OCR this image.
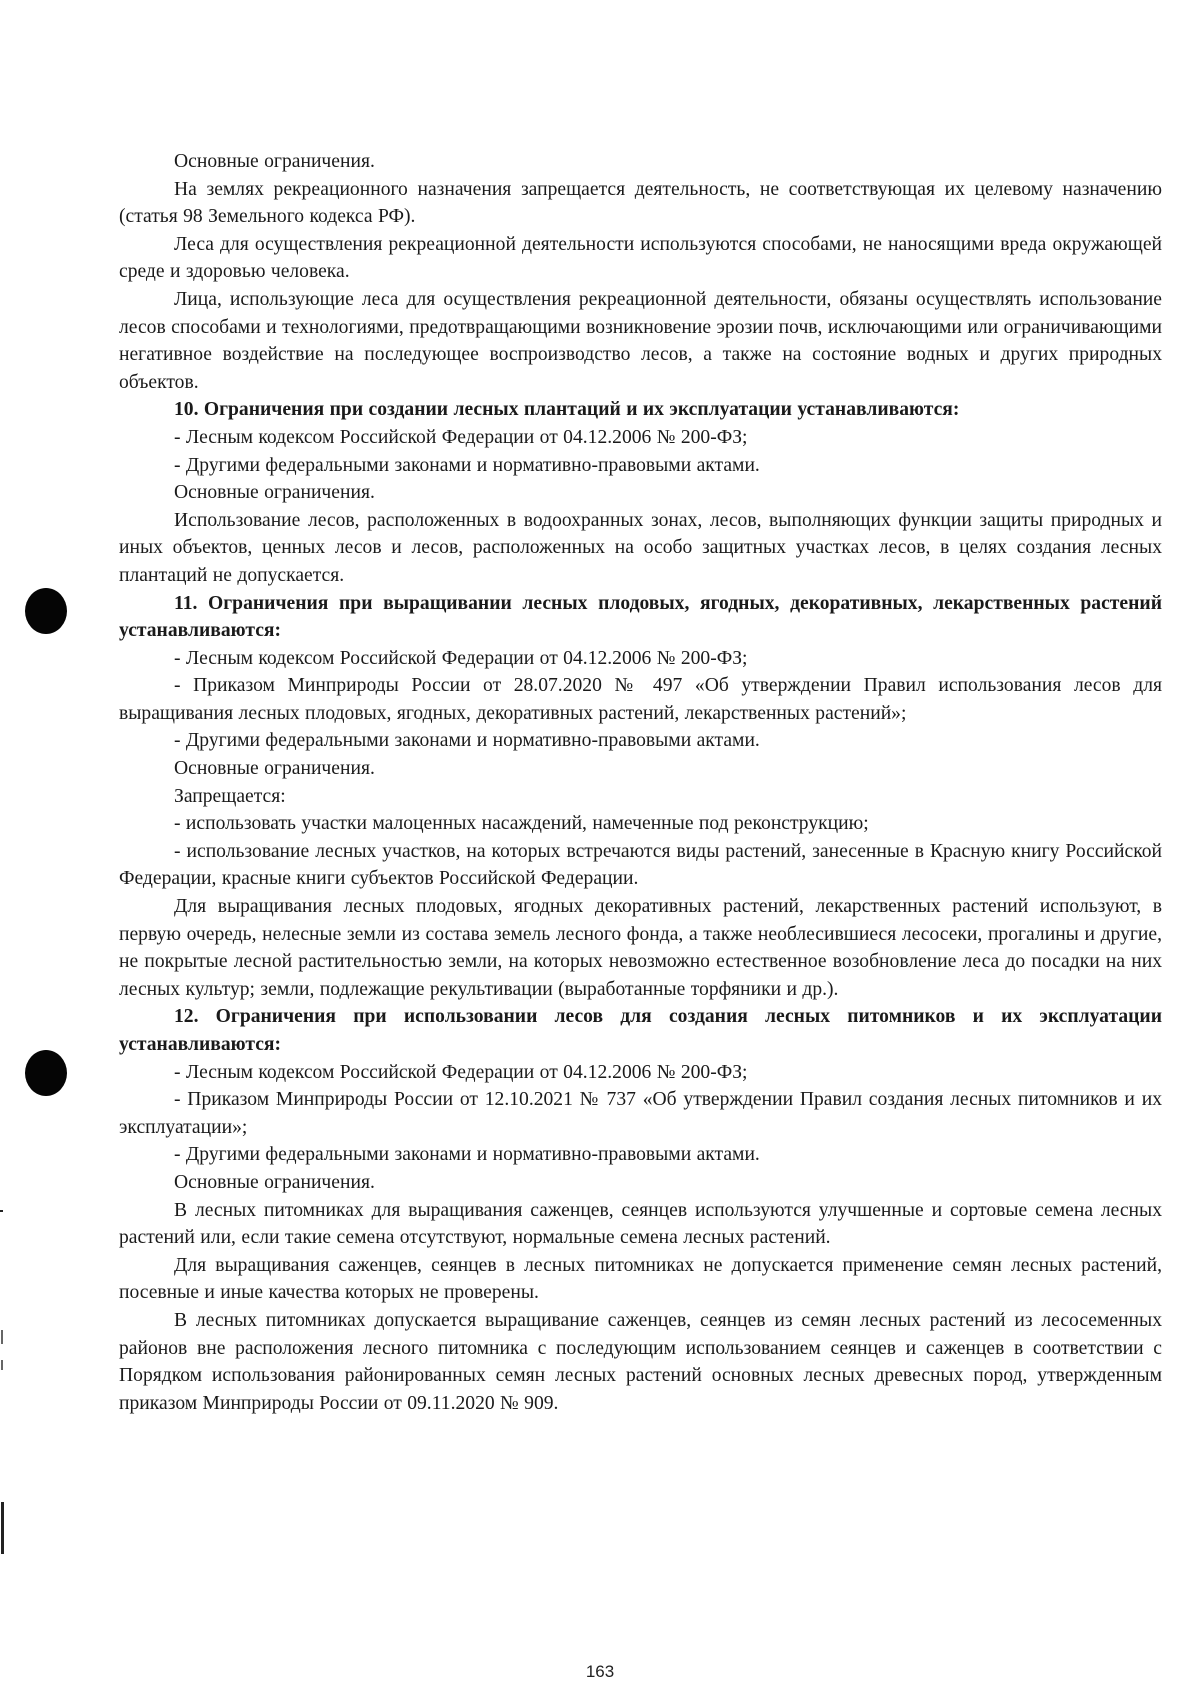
Основные ограничения.

На землях рекреационного назначения запрещается деятельность, не соответствующая их целевому назначению (статья 98 Земельного кодекса РФ).

Леса для осуществления рекреационной деятельности используются способами, не наносящими вреда окружающей среде и здоровью человека.

Лица, использующие леса для осуществления рекреационной деятельности, обязаны осуществлять использование лесов способами и технологиями, предотвращающими возникновение эрозии почв, исключающими или ограничивающими негативное воздействие на последующее воспроизводство лесов, а также на состояние водных и других природных объектов.

10. Ограничения при создании лесных плантаций и их эксплуатации устанавливаются:

- Лесным кодексом Российской Федерации от 04.12.2006 № 200-ФЗ;

- Другими федеральными законами и нормативно-правовыми актами.

Основные ограничения.

Использование лесов, расположенных в водоохранных зонах, лесов, выполняющих функции защиты природных и иных объектов, ценных лесов и лесов, расположенных на особо защитных участках лесов, в целях создания лесных плантаций не допускается.

11. Ограничения при выращивании лесных плодовых, ягодных, декоративных, лекарственных растений устанавливаются:

- Лесным кодексом Российской Федерации от 04.12.2006 № 200-ФЗ;

- Приказом Минприроды России от 28.07.2020 № 497 «Об утверждении Правил использования лесов для выращивания лесных плодовых, ягодных, декоративных растений, лекарственных растений»;

- Другими федеральными законами и нормативно-правовыми актами.

Основные ограничения.

Запрещается:

- использовать участки малоценных насаждений, намеченные под реконструкцию;

- использование лесных участков, на которых встречаются виды растений, занесенные в Красную книгу Российской Федерации, красные книги субъектов Российской Федерации.

Для выращивания лесных плодовых, ягодных декоративных растений, лекарственных растений используют, в первую очередь, нелесные земли из состава земель лесного фонда, а также необлесившиеся лесосеки, прогалины и другие, не покрытые лесной растительностью земли, на которых невозможно естественное возобновление леса до посадки на них лесных культур; земли, подлежащие рекультивации (выработанные торфяники и др.).

12. Ограничения при использовании лесов для создания лесных питомников и их эксплуатации устанавливаются:

- Лесным кодексом Российской Федерации от 04.12.2006 № 200-ФЗ;

- Приказом Минприроды России от 12.10.2021 № 737 «Об утверждении Правил создания лесных питомников и их эксплуатации»;

- Другими федеральными законами и нормативно-правовыми актами.

Основные ограничения.

В лесных питомниках для выращивания саженцев, сеянцев используются улучшенные и сортовые семена лесных растений или, если такие семена отсутствуют, нормальные семена лесных растений.

Для выращивания саженцев, сеянцев в лесных питомниках не допускается применение семян лесных растений, посевные и иные качества которых не проверены.

В лесных питомниках допускается выращивание саженцев, сеянцев из семян лесных растений из лесосеменных районов вне расположения лесного питомника с последующим использованием сеянцев и саженцев в соответствии с Порядком использования районированных семян лесных растений основных лесных древесных пород, утвержденным приказом Минприроды России от 09.11.2020 № 909.

163
